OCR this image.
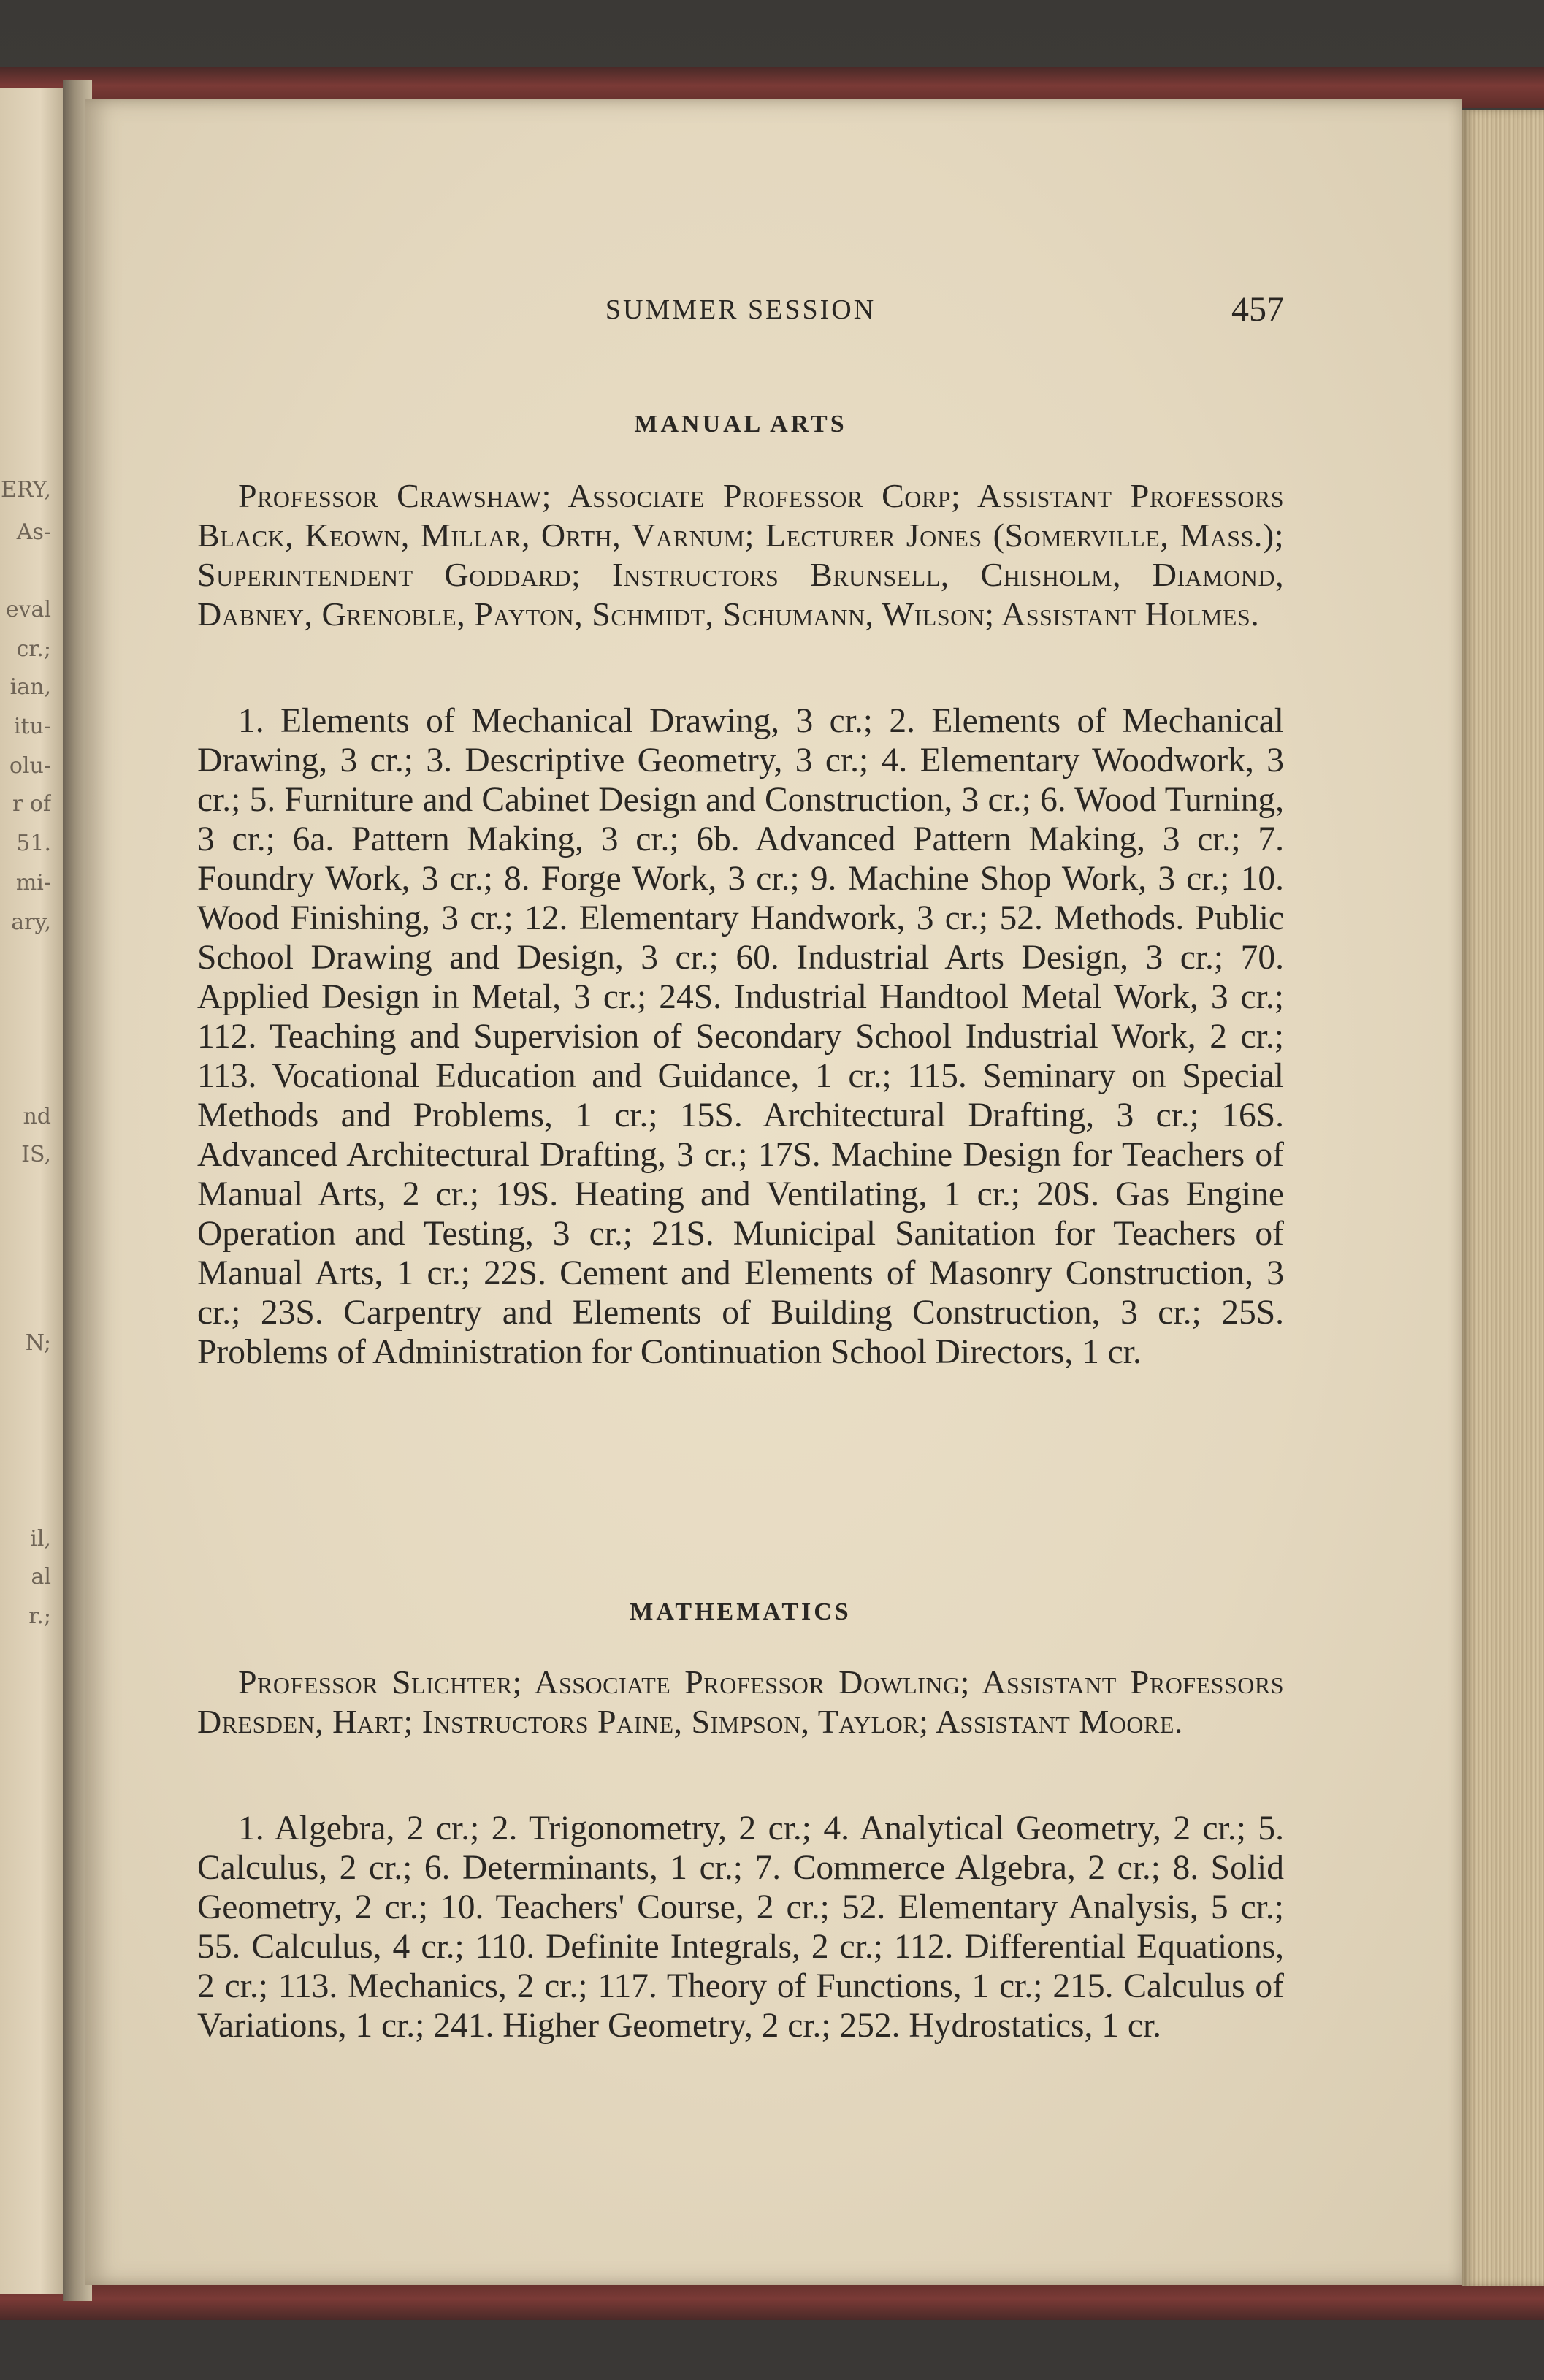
ERY,
As-
eval
cr.;
ian,
itu-
olu-
r of
51.
mi-
ary,
nd
IS,
N;
il,
al
r.;
SUMMER SESSION	457
MANUAL ARTS

Professor Crawshaw; Associate Professor Corp; Assistant Professors Black, Keown, Millar, Orth, Varnum; Lecturer Jones (Somerville, Mass.); Superintendent Goddard; Instructors Brunsell, Chisholm, Diamond, Dabney, Grenoble, Payton, Schmidt, Schumann, Wilson; Assistant Holmes.

1. Elements of Mechanical Drawing, 3 cr.; 2. Elements of Mechanical Drawing, 3 cr.; 3. Descriptive Geometry, 3 cr.; 4. Elementary Woodwork, 3 cr.; 5. Furniture and Cabinet Design and Construction, 3 cr.; 6. Wood Turning, 3 cr.; 6a. Pattern Making, 3 cr.; 6b. Advanced Pattern Making, 3 cr.; 7. Foundry Work, 3 cr.; 8. Forge Work, 3 cr.; 9. Machine Shop Work, 3 cr.; 10. Wood Finishing, 3 cr.; 12. Elementary Handwork, 3 cr.; 52. Methods. Public School Drawing and Design, 3 cr.; 60. Industrial Arts Design, 3 cr.; 70. Applied Design in Metal, 3 cr.; 24S. Industrial Handtool Metal Work, 3 cr.; 112. Teaching and Supervision of Secondary School Industrial Work, 2 cr.; 113. Vocational Education and Guidance, 1 cr.; 115. Seminary on Special Methods and Problems, 1 cr.; 15S. Architectural Drafting, 3 cr.; 16S. Advanced Architectural Drafting, 3 cr.; 17S. Machine Design for Teachers of Manual Arts, 2 cr.; 19S. Heating and Ventilating, 1 cr.; 20S. Gas Engine Operation and Testing, 3 cr.; 21S. Municipal Sanitation for Teachers of Manual Arts, 1 cr.; 22S. Cement and Elements of Masonry Construction, 3 cr.; 23S. Carpentry and Elements of Building Construction, 3 cr.; 25S. Problems of Administration for Continuation School Directors, 1 cr.

MATHEMATICS

Professor Slichter; Associate Professor Dowling; Assistant Professors Dresden, Hart; Instructors Paine, Simpson, Taylor; Assistant Moore.

1. Algebra, 2 cr.; 2. Trigonometry, 2 cr.; 4. Analytical Geometry, 2 cr.; 5. Calculus, 2 cr.; 6. Determinants, 1 cr.; 7. Commerce Algebra, 2 cr.; 8. Solid Geometry, 2 cr.; 10. Teachers' Course, 2 cr.; 52. Elementary Analysis, 5 cr.; 55. Calculus, 4 cr.; 110. Definite Integrals, 2 cr.; 112. Differential Equations, 2 cr.; 113. Mechanics, 2 cr.; 117. Theory of Functions, 1 cr.; 215. Calculus of Variations, 1 cr.; 241. Higher Geometry, 2 cr.; 252. Hydrostatics, 1 cr.
